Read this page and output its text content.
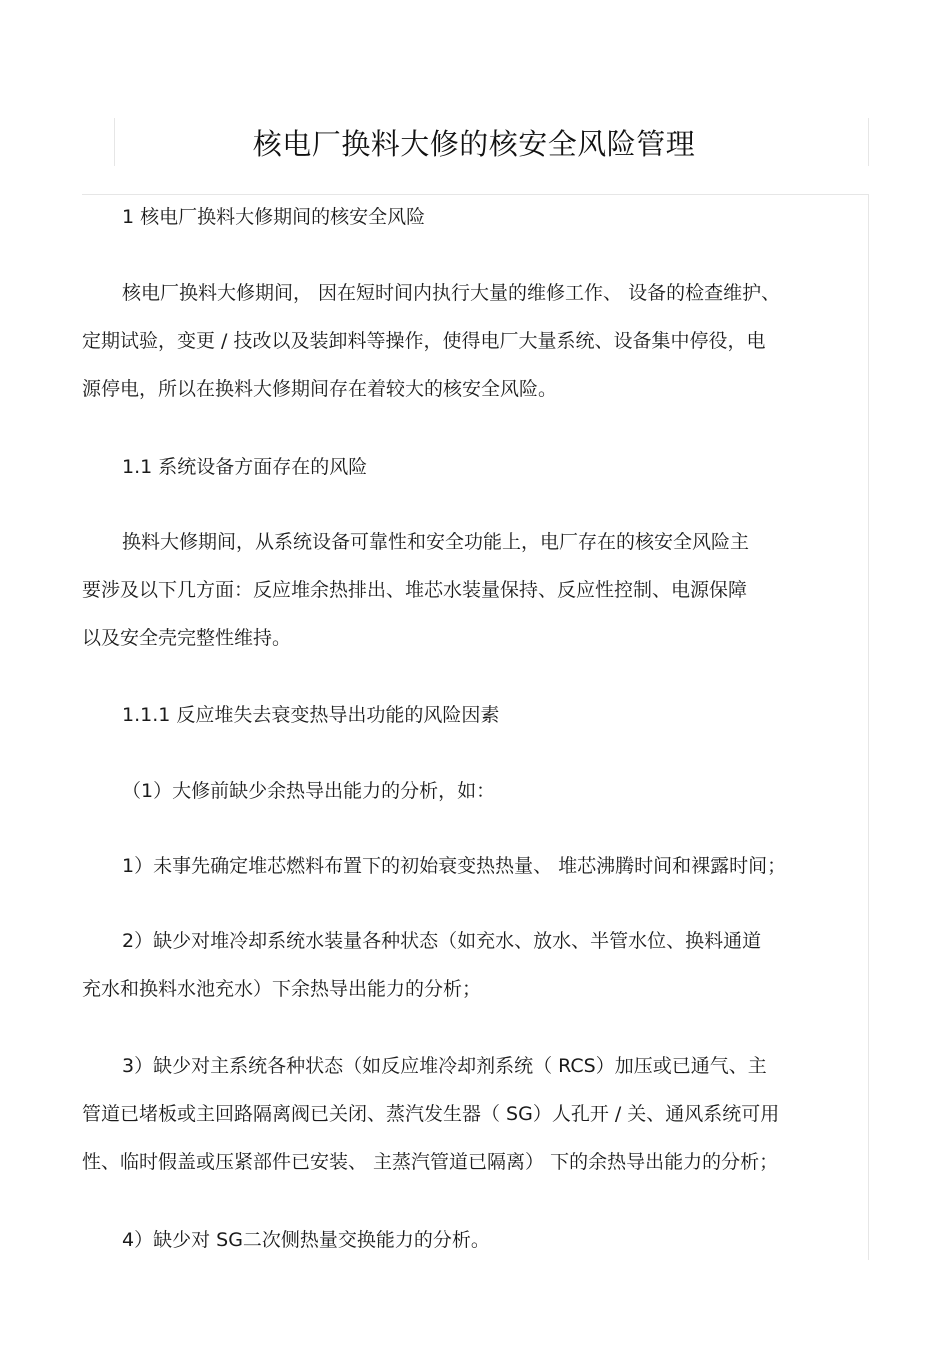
核电厂换料大修的核安全风险管理
1 核电厂换料大修期间的核安全风险
核电厂换料大修期间， 因在短时间内执行大量的维修工作、 设备的检查维护、
定期试验，变更 / 技改以及装卸料等操作，使得电厂大量系统、设备集中停役，电
源停电，所以在换料大修期间存在着较大的核安全风险。
1.1 系统设备方面存在的风险
换料大修期间，从系统设备可靠性和安全功能上，电厂存在的核安全风险主
要涉及以下几方面：反应堆余热排出、堆芯水装量保持、反应性控制、电源保障
以及安全壳完整性维持。
1.1.1 反应堆失去衰变热导出功能的风险因素
（1）大修前缺少余热导出能力的分析，如：
1）未事先确定堆芯燃料布置下的初始衰变热热量、 堆芯沸腾时间和裸露时间；
2）缺少对堆冷却系统水装量各种状态（如充水、放水、半管水位、换料通道
充水和换料水池充水）下余热导出能力的分析；
3）缺少对主系统各种状态（如反应堆冷却剂系统（ RCS）加压或已通气、主
管道已堵板或主回路隔离阀已关闭、蒸汽发生器（ SG）人孔开 / 关、通风系统可用
性、临时假盖或压紧部件已安装、 主蒸汽管道已隔离） 下的余热导出能力的分析；
4）缺少对 SG二次侧热量交换能力的分析。
